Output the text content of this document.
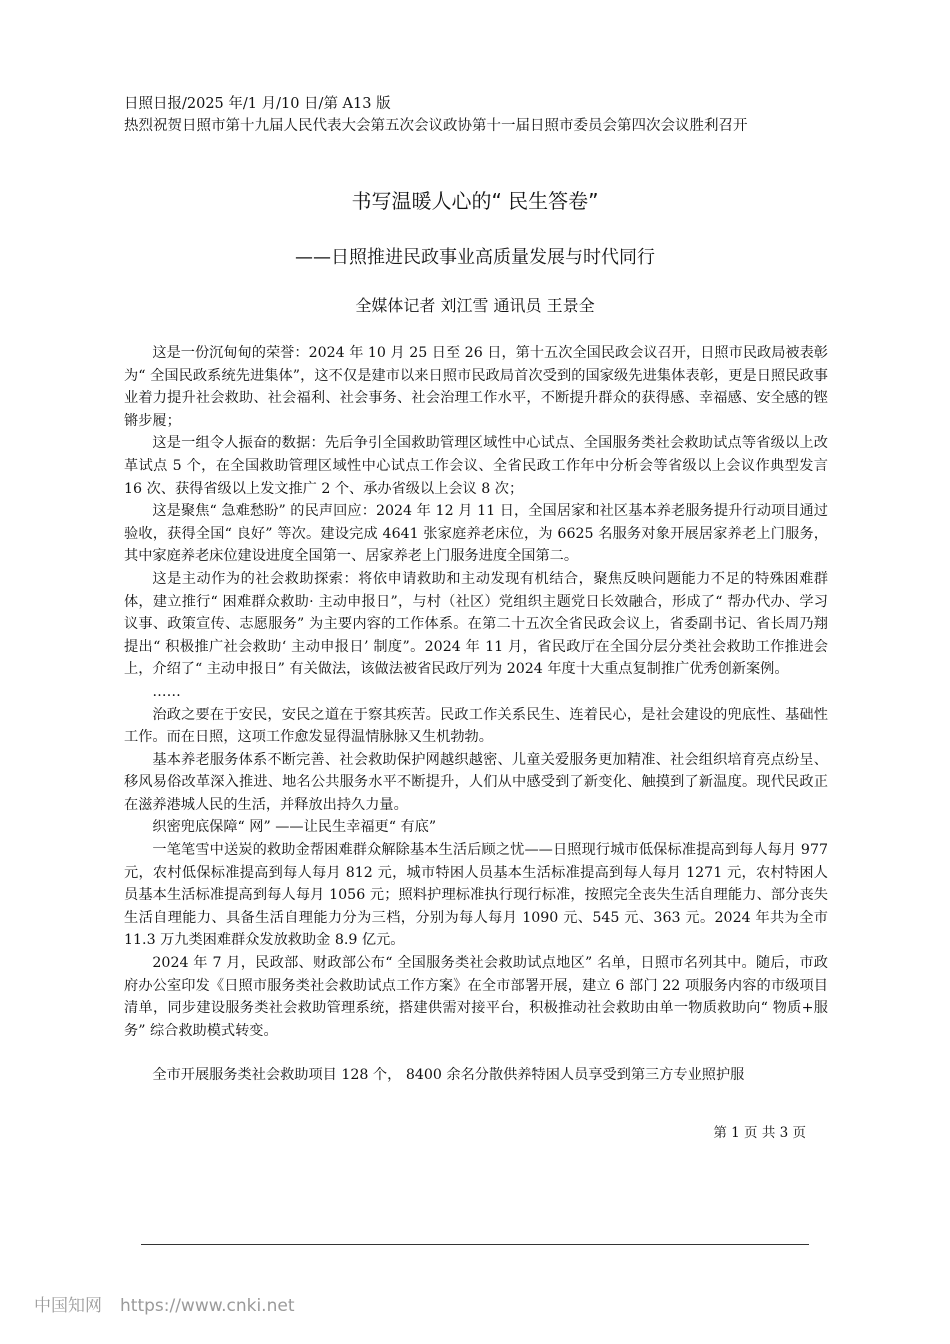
日照日报/2025 年/1 月/10 日/第 A13 版
热烈祝贺日照市第十九届人民代表大会第五次会议政协第十一届日照市委员会第四次会议胜利召开
书写温暖人心的“ 民生答卷”
——日照推进民政事业高质量发展与时代同行
全媒体记者 刘江雪 通讯员 王景全

这是一份沉甸甸的荣誉：2024 年 10 月 25 日至 26 日，第十五次全国民政会议召开，日照市民政局被表彰为“ 全国民政系统先进集体”，这不仅是建市以来日照市民政局首次受到的国家级先进集体表彰，更是日照民政事业着力提升社会救助、社会福利、社会事务、社会治理工作水平，不断提升群众的获得感、幸福感、安全感的铿锵步履；

这是一组令人振奋的数据：先后争引全国救助管理区域性中心试点、全国服务类社会救助试点等省级以上改革试点 5 个，在全国救助管理区域性中心试点工作会议、全省民政工作年中分析会等省级以上会议作典型发言 16 次、获得省级以上发文推广 2 个、承办省级以上会议 8 次；

这是聚焦“ 急难愁盼” 的民声回应：2024 年 12 月 11 日，全国居家和社区基本养老服务提升行动项目通过验收，获得全国“ 良好” 等次。建设完成 4641 张家庭养老床位，为 6625 名服务对象开展居家养老上门服务，其中家庭养老床位建设进度全国第一、居家养老上门服务进度全国第二。

这是主动作为的社会救助探索：将依申请救助和主动发现有机结合，聚焦反映问题能力不足的特殊困难群体，建立推行“ 困难群众救助· 主动申报日”，与村（社区）党组织主题党日长效融合，形成了“ 帮办代办、学习议事、政策宣传、志愿服务” 为主要内容的工作体系。在第二十五次全省民政会议上，省委副书记、省长周乃翔提出“ 积极推广社会救助‘ 主动申报日’ 制度”。2024 年 11 月，省民政厅在全国分层分类社会救助工作推进会上，介绍了“ 主动申报日” 有关做法，该做法被省民政厅列为 2024 年度十大重点复制推广优秀创新案例。

……

治政之要在于安民，安民之道在于察其疾苦。民政工作关系民生、连着民心，是社会建设的兜底性、基础性工作。而在日照，这项工作愈发显得温情脉脉又生机勃勃。

基本养老服务体系不断完善、社会救助保护网越织越密、儿童关爱服务更加精准、社会组织培育亮点纷呈、移风易俗改革深入推进、地名公共服务水平不断提升，人们从中感受到了新变化、触摸到了新温度。现代民政正在滋养港城人民的生活，并释放出持久力量。

织密兜底保障“ 网” ——让民生幸福更“ 有底”

一笔笔雪中送炭的救助金帮困难群众解除基本生活后顾之忧——日照现行城市低保标准提高到每人每月 977 元，农村低保标准提高到每人每月 812 元，城市特困人员基本生活标准提高到每人每月 1271 元，农村特困人员基本生活标准提高到每人每月 1056 元；照料护理标准执行现行标准，按照完全丧失生活自理能力、部分丧失生活自理能力、具备生活自理能力分为三档，分别为每人每月 1090 元、545 元、363 元。2024 年共为全市 11.3 万九类困难群众发放救助金 8.9 亿元。

2024 年 7 月，民政部、财政部公布“ 全国服务类社会救助试点地区” 名单，日照市名列其中。随后，市政府办公室印发《日照市服务类社会救助试点工作方案》在全市部署开展，建立 6 部门 22 项服务内容的市级项目清单，同步建设服务类社会救助管理系统，搭建供需对接平台，积极推动社会救助由单一物质救助向“ 物质+服务” 综合救助模式转变。

全市开展服务类社会救助项目 128 个， 8400 余名分散供养特困人员享受到第三方专业照护服

第 1 页 共 3 页
中国知网 https://www.cnki.net
